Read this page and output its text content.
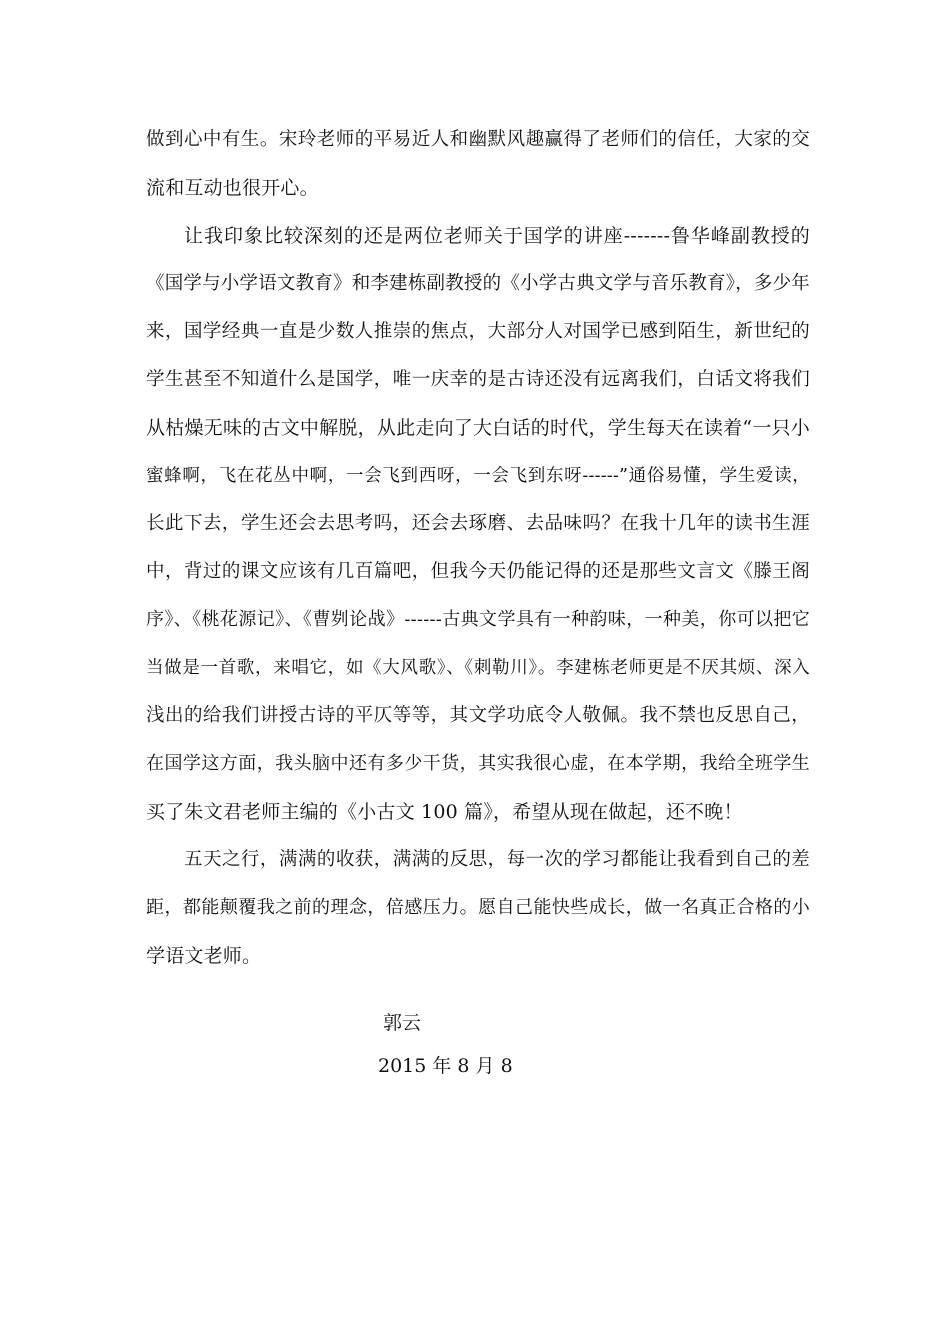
做到心中有生。宋玲老师的平易近人和幽默风趣赢得了老师们的信任，大家的交
流和互动也很开心。
让我印象比较深刻的还是两位老师关于国学的讲座-------鲁华峰副教授的
《国学与小学语文教育》和李建栋副教授的《小学古典文学与音乐教育》，多少年
来，国学经典一直是少数人推崇的焦点，大部分人对国学已感到陌生，新世纪的
学生甚至不知道什么是国学，唯一庆幸的是古诗还没有远离我们，白话文将我们
从枯燥无味的古文中解脱，从此走向了大白话的时代，学生每天在读着“一只小
蜜蜂啊，飞在花丛中啊，一会飞到西呀，一会飞到东呀------”通俗易懂，学生爱读，
长此下去，学生还会去思考吗，还会去琢磨、去品味吗？在我十几年的读书生涯
中，背过的课文应该有几百篇吧，但我今天仍能记得的还是那些文言文《滕王阁
序》、《桃花源记》、《曹刿论战》------古典文学具有一种韵味，一种美，你可以把它
当做是一首歌，来唱它，如《大风歌》、《刺勒川》。李建栋老师更是不厌其烦、深入
浅出的给我们讲授古诗的平仄等等，其文学功底令人敬佩。我不禁也反思自己，
在国学这方面，我头脑中还有多少干货，其实我很心虚，在本学期，我给全班学生
买了朱文君老师主编的《小古文 100 篇》，希望从现在做起，还不晚！
五天之行，满满的收获，满满的反思，每一次的学习都能让我看到自己的差
距，都能颠覆我之前的理念，倍感压力。愿自己能快些成长，做一名真正合格的小
学语文老师。
郭云
2015 年 8 月 8
